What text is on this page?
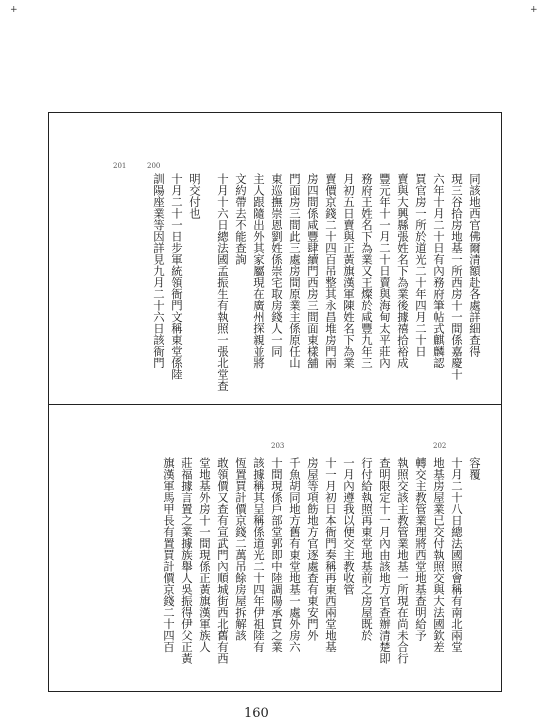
+	+
201	200
同該地西官佛爾清額赴各處詳細查得
現三谷拾房地基一所西房十一間係嘉慶十
六年十月二十日有內務府筆帖式麒麟認
買官房一所於道光二十年四月二十日
賣與大興縣張姓名下為業後據禧拾裕成
豐元年十一月二十日賣與海甸太平莊內
務府王姓名下為業又王燦於咸豐九年三
月初五日賣與正黃旗漢軍陳姓名下為業
賣價京錢二十四百吊整其永昌堆房門兩
房四間係咸豐肆續門西房三間面東樣舖
門面房三間此三處房間原業主係原任山
東巡撫崇恩劉姓係崇宅取房錢人一同
主人跟隨出外其家屬現在廣州探親並將
文約帶去不能查詢
十月十六日總法國孟振生有執照一張北堂查
明交付也
十月二十一日步軍統領衙門文稱東堂係陸
訓陽座業等因詳見九月二十六日該衙門
203	202
容覆
十月二十八日總法國照會稱有南北兩堂
地基房屋業已交付執照交與大法國欽差
轉交主教管業理將西堂地基查明給予
執照交該主教管業地基一所現在尚未合行
查明限定十一月內由該地方官查辦清楚即
行付給執照再東堂地基前之房屋既於
一月內遵我以便交主教收管
十一月初日本衙門奏稱再東西兩堂地基
房屋等項飭地方官逐處查有東安門外
千魚胡同地方舊有東堂地基一處外房六
十間現係戶部堂郭即中陸調陽承買之業
該據稱其呈稱係道光二十四年伊祖陸有
恆置買計價京錢二萬吊餘房屋拆解該
敢領價又查有宣武門內順城街西北舊有西
堂地基外房十一間現係正黃旗漢軍族人
莊福據言置之業據族舉人吳振得伊父正黃
旗漢軍馬甲長有置買計價京錢二十四百
160
